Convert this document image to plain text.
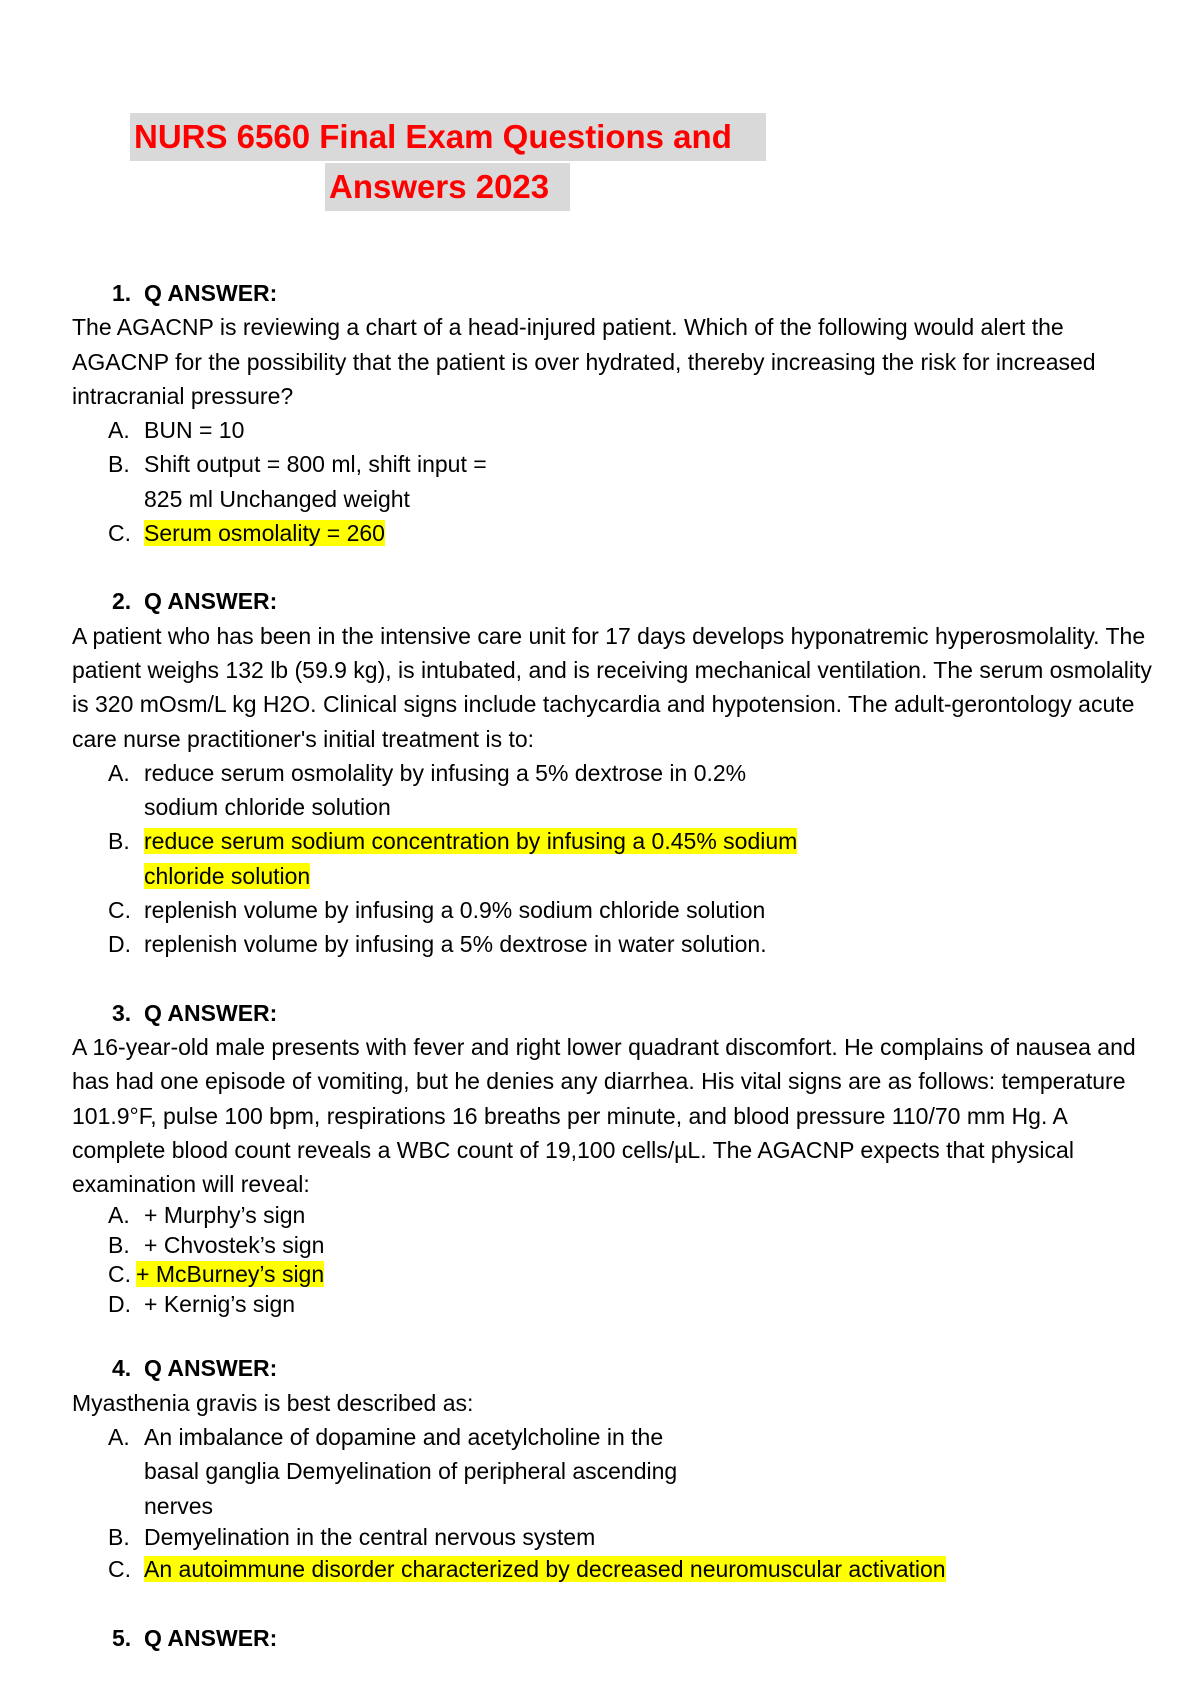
NURS 6560 Final Exam Questions and
Answers 2023
1. Q ANSWER:

The AGACNP is reviewing a chart of a head-injured patient. Which of the following would alert the AGACNP for the possibility that the patient is over hydrated, thereby increasing the risk for increased intracranial pressure?

A. BUN = 10
B. Shift output = 800 ml, shift input =
825 ml Unchanged weight
C. Serum osmolality = 260
2. Q ANSWER:

A patient who has been in the intensive care unit for 17 days develops hyponatremic hyperosmolality. The patient weighs 132 lb (59.9 kg), is intubated, and is receiving mechanical ventilation. The serum osmolality is 320 mOsm/L kg H2O. Clinical signs include tachycardia and hypotension. The adult-gerontology acute care nurse practitioner's initial treatment is to:

A. reduce serum osmolality by infusing a 5% dextrose in 0.2%
sodium chloride solution
B. reduce serum sodium concentration by infusing a 0.45% sodium
chloride solution
C. replenish volume by infusing a 0.9% sodium chloride solution
D. replenish volume by infusing a 5% dextrose in water solution.
3. Q ANSWER:

A 16-year-old male presents with fever and right lower quadrant discomfort. He complains of nausea and has had one episode of vomiting, but he denies any diarrhea. His vital signs are as follows: temperature 101.9°F, pulse 100 bpm, respirations 16 breaths per minute, and blood pressure 110/70 mm Hg. A complete blood count reveals a WBC count of 19,100 cells/µL. The AGACNP expects that physical examination will reveal:

A. + Murphy’s sign
B. + Chvostek’s sign
C. + McBurney’s sign
D. + Kernig’s sign
4. Q ANSWER:

Myasthenia gravis is best described as:

A. An imbalance of dopamine and acetylcholine in the
basal ganglia Demyelination of peripheral ascending
nerves
B. Demyelination in the central nervous system
C. An autoimmune disorder characterized by decreased neuromuscular activation
5. Q ANSWER:
